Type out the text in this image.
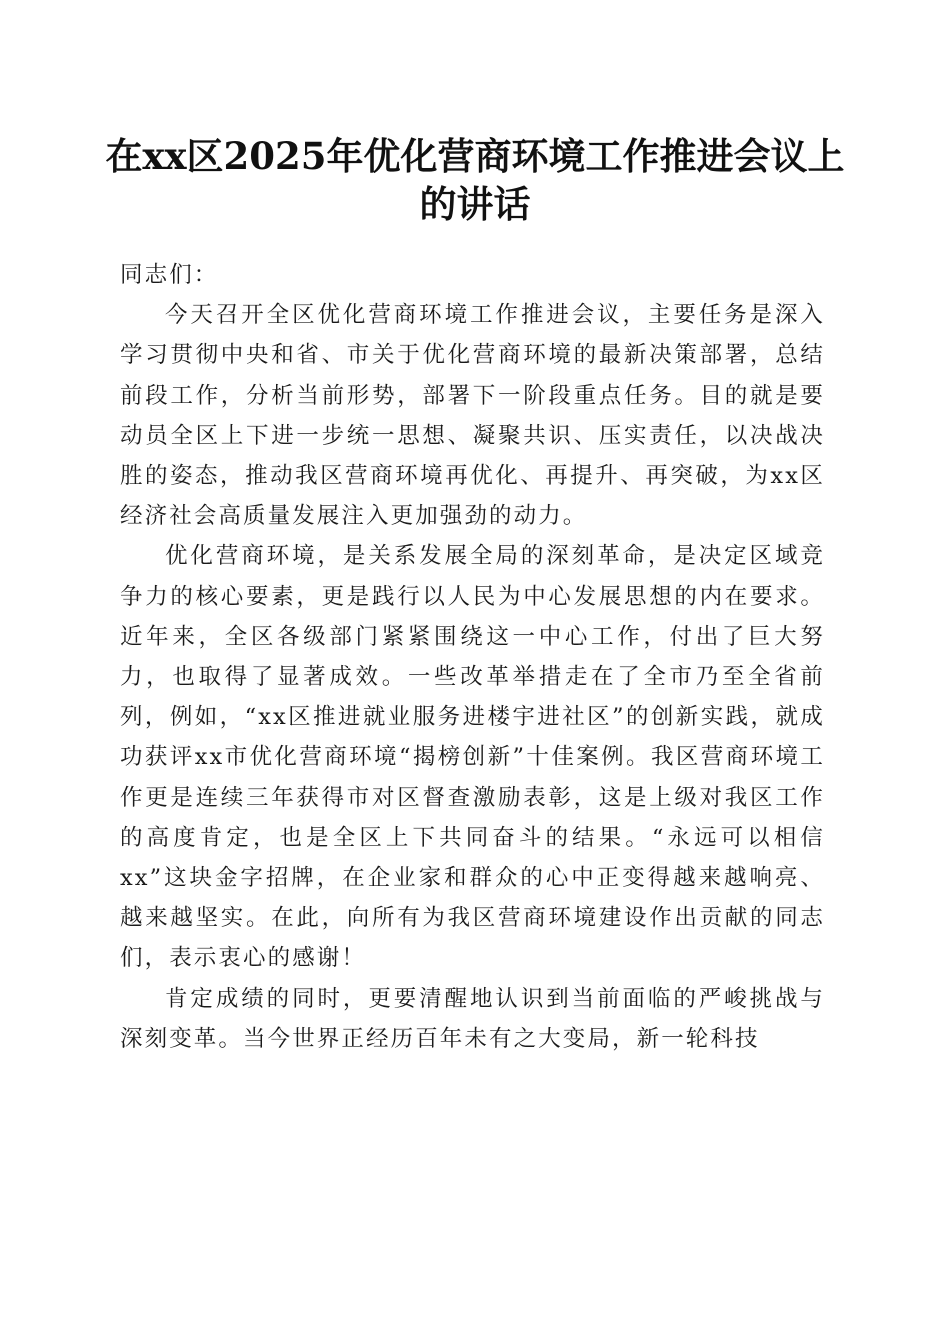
在xx区2025年优化营商环境工作推进会议上的讲话

同志们：

今天召开全区优化营商环境工作推进会议，主要任务是深入学习贯彻中央和省、市关于优化营商环境的最新决策部署，总结前段工作，分析当前形势，部署下一阶段重点任务。目的就是要动员全区上下进一步统一思想、凝聚共识、压实责任，以决战决胜的姿态，推动我区营商环境再优化、再提升、再突破，为xx区经济社会高质量发展注入更加强劲的动力。

优化营商环境，是关系发展全局的深刻革命，是决定区域竞争力的核心要素，更是践行以人民为中心发展思想的内在要求。近年来，全区各级部门紧紧围绕这一中心工作，付出了巨大努力，也取得了显著成效。一些改革举措走在了全市乃至全省前列，例如，“xx区推进就业服务进楼宇进社区”的创新实践，就成功获评xx市优化营商环境“揭榜创新”十佳案例。我区营商环境工作更是连续三年获得市对区督查激励表彰，这是上级对我区工作的高度肯定，也是全区上下共同奋斗的结果。“永远可以相信xx”这块金字招牌，在企业家和群众的心中正变得越来越响亮、越来越坚实。在此，向所有为我区营商环境建设作出贡献的同志们，表示衷心的感谢！

肯定成绩的同时，更要清醒地认识到当前面临的严峻挑战与深刻变革。当今世界正经历百年未有之大变局，新一轮科技
